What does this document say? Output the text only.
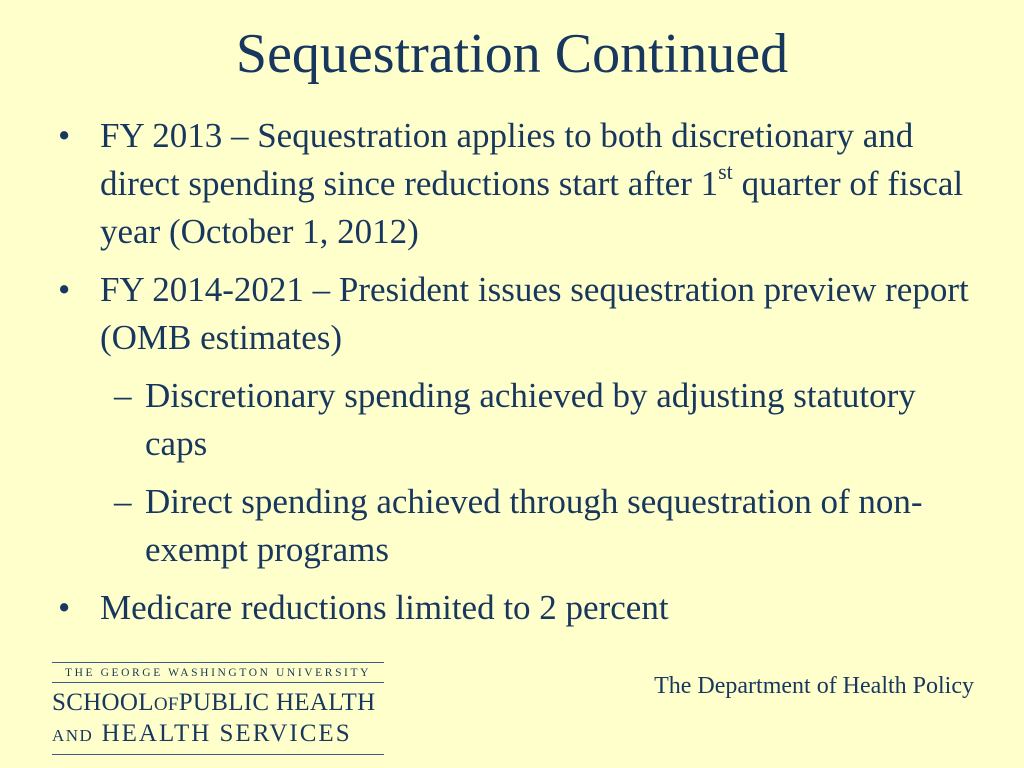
Sequestration Continued
• FY 2013 – Sequestration applies to both discretionary and direct spending since reductions start after 1st quarter of fiscal year (October 1, 2012)
• FY 2014-2021 – President issues sequestration preview report (OMB estimates)
– Discretionary spending achieved by adjusting statutory caps
– Direct spending achieved through sequestration of non-exempt programs
• Medicare reductions limited to 2 percent
THE GEORGE WASHINGTON UNIVERSITY
SCHOOLOFPUBLIC HEALTH
AND HEALTH SERVICES
The Department of Health Policy
